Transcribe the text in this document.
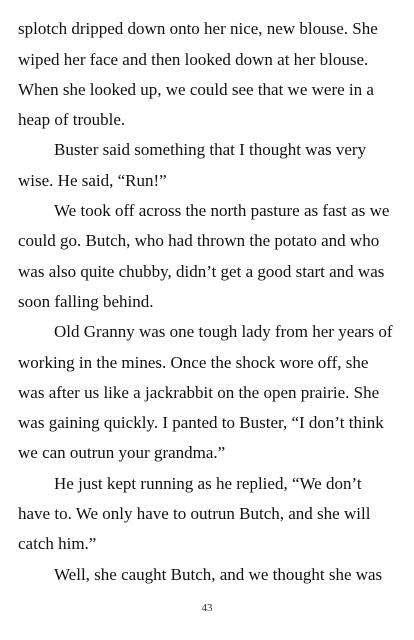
splotch dripped down onto her nice, new blouse. She
wiped her face and then looked down at her blouse.
When she looked up, we could see that we were in a
heap of trouble.
Buster said something that I thought was very
wise. He said, “Run!”
We took off across the north pasture as fast as we
could go. Butch, who had thrown the potato and who
was also quite chubby, didn’t get a good start and was
soon falling behind.
Old Granny was one tough lady from her years of
working in the mines. Once the shock wore off, she
was after us like a jackrabbit on the open prairie. She
was gaining quickly. I panted to Buster, “I don’t think
we can outrun your grandma.”
He just kept running as he replied, “We don’t
have to. We only have to outrun Butch, and she will
catch him.”
Well, she caught Butch, and we thought she was
43
